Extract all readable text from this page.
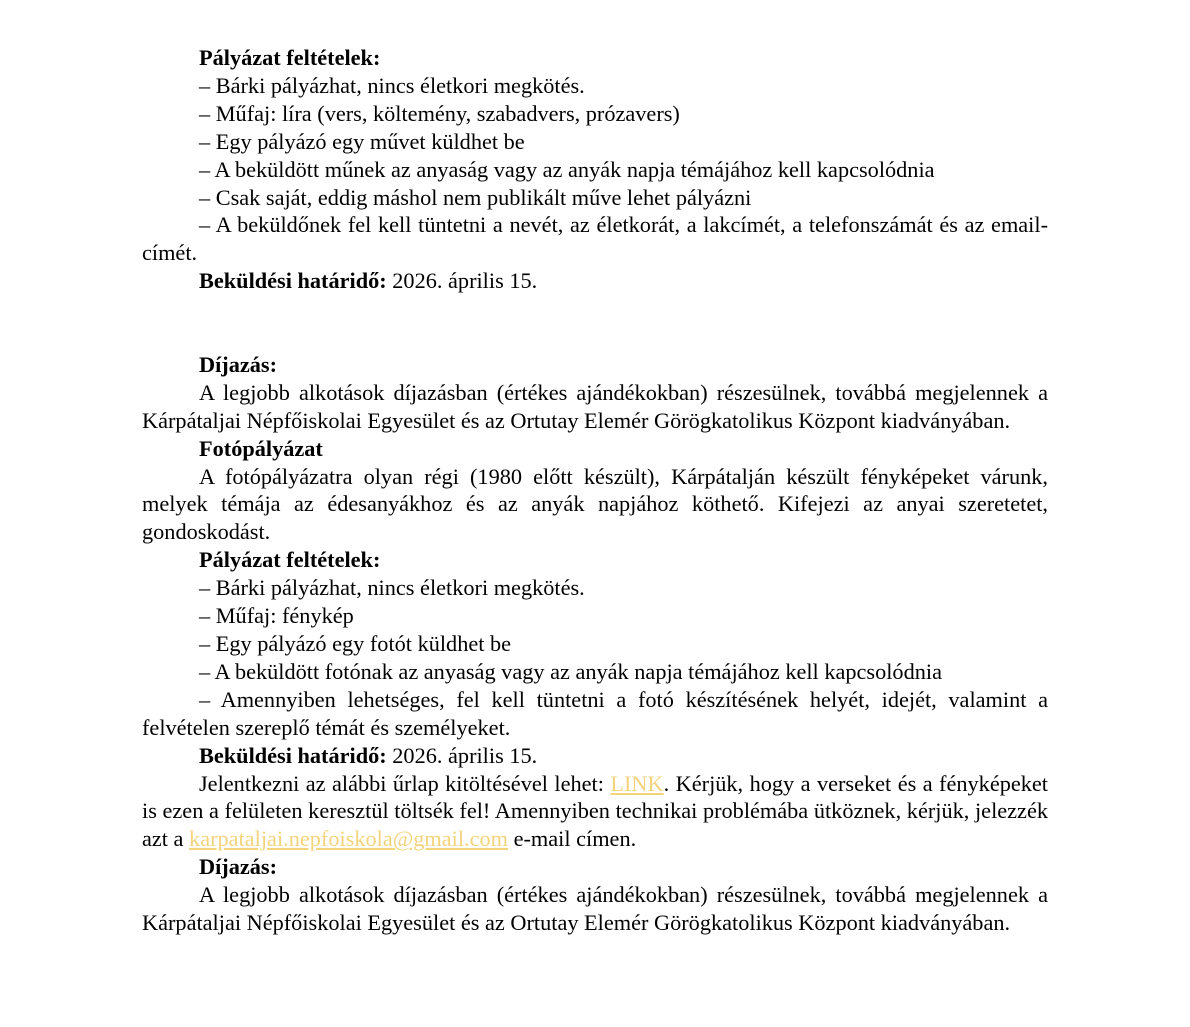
Pályázat feltételek:

– Bárki pályázhat, nincs életkori megkötés.

– Műfaj: líra (vers, költemény, szabadvers, prózavers)

– Egy pályázó egy művet küldhet be

– A beküldött műnek az anyaság vagy az anyák napja témájához kell kapcsolódnia

– Csak saját, eddig máshol nem publikált műve lehet pályázni

– A beküldőnek fel kell tüntetni a nevét, az életkorát, a lakcímét, a telefonszámát és az email-címét.

Beküldési határidő: 2026. április 15.

Díjazás:

A legjobb alkotások díjazásban (értékes ajándékokban) részesülnek, továbbá megjelennek a Kárpátaljai Népfőiskolai Egyesület és az Ortutay Elemér Görögkatolikus Központ kiadványában.

Fotópályázat

A fotópályázatra olyan régi (1980 előtt készült), Kárpátalján készült fényképeket várunk, melyek témája az édesanyákhoz és az anyák napjához köthető. Kifejezi az anyai szeretetet, gondoskodást.

Pályázat feltételek:

– Bárki pályázhat, nincs életkori megkötés.

– Műfaj: fénykép

– Egy pályázó egy fotót küldhet be

– A beküldött fotónak az anyaság vagy az anyák napja témájához kell kapcsolódnia

– Amennyiben lehetséges, fel kell tüntetni a fotó készítésének helyét, idejét, valamint a felvételen szereplő témát és személyeket.

Beküldési határidő: 2026. április 15.

Jelentkezni az alábbi űrlap kitöltésével lehet: LINK. Kérjük, hogy a verseket és a fényképeket is ezen a felületen keresztül töltsék fel! Amennyiben technikai problémába ütköznek, kérjük, jelezzék azt a karpataljai.nepfoiskola@gmail.com e-mail címen.

Díjazás:

A legjobb alkotások díjazásban (értékes ajándékokban) részesülnek, továbbá megjelennek a Kárpátaljai Népfőiskolai Egyesület és az Ortutay Elemér Görögkatolikus Központ kiadványában.
